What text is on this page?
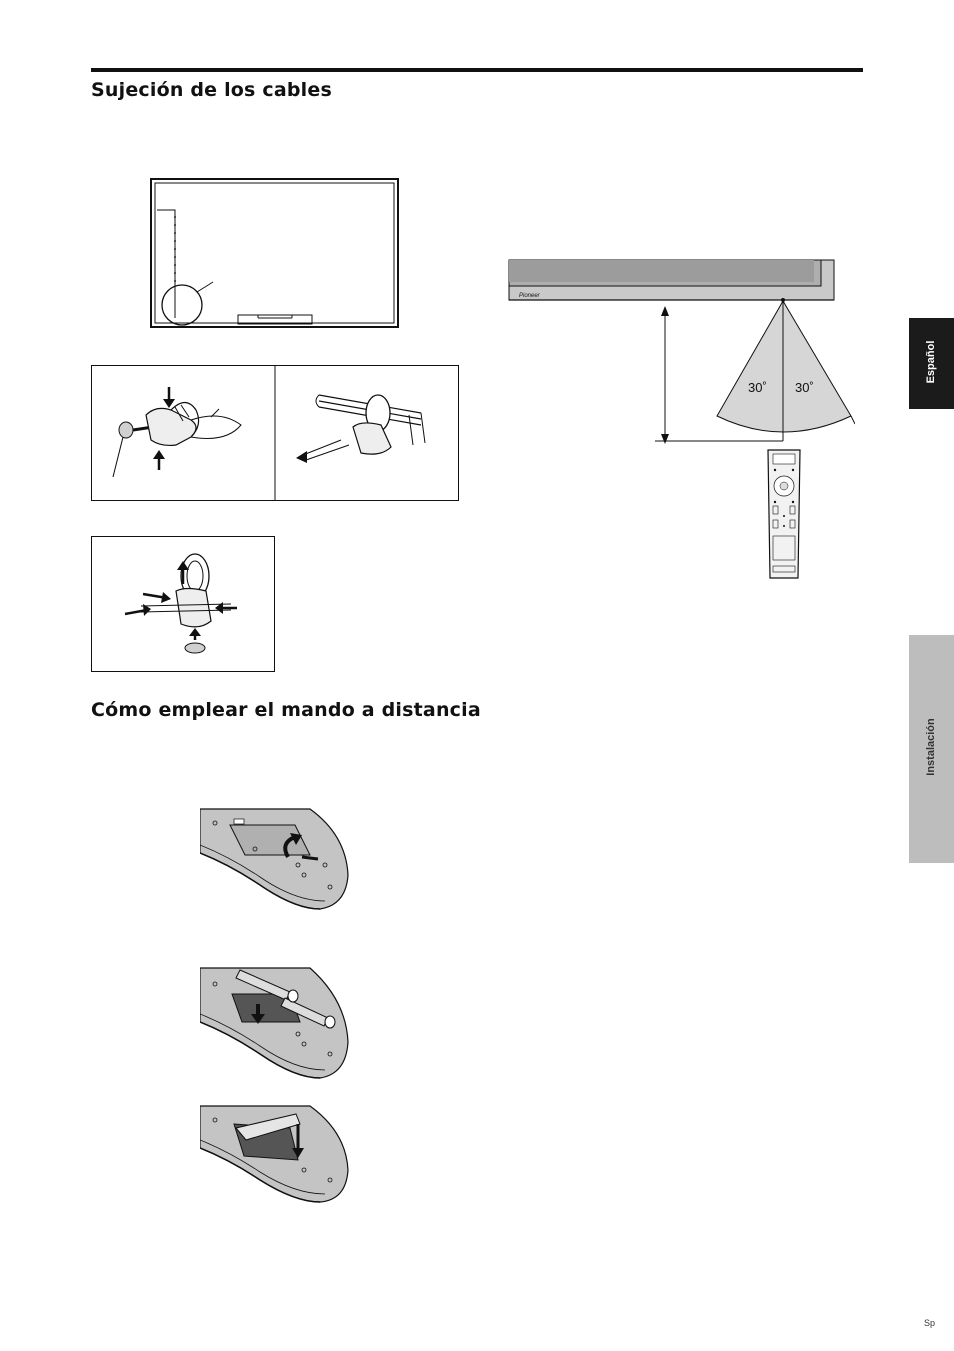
Sujeción de los cables
Pioneer
30˚ 30˚
Cómo emplear el mando a distancia
Español
Instalación
Sp
